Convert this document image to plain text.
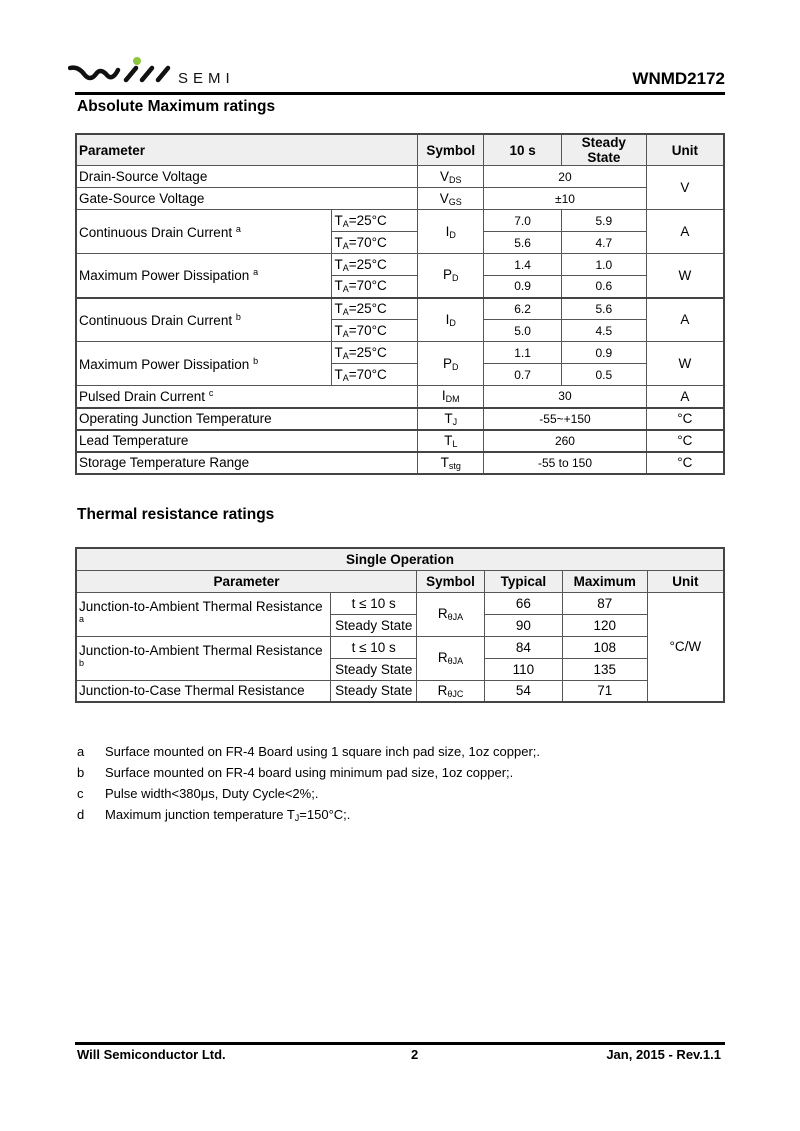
SEMI	WNMD2172
Absolute Maximum ratings
Parameter		Symbol	10 s	Steady State	Unit
Drain-Source Voltage		$V_{DS}$	20		V
Gate-Source Voltage		$V_{GS}$	±10		
Continuous Drain Current $^a$	$T_A=25^\circ C$	$I_D$	7.0	5.9	A
	$T_A=70^\circ C$		5.6	4.7	
Maximum Power Dissipation $^a$	$T_A=25^\circ C$	$P_D$	1.4	1.0	W
	$T_A=70^\circ C$		0.9	0.6	
Continuous Drain Current $^b$	$T_A=25^\circ C$	$I_D$	6.2	5.6	A
	$T_A=70^\circ C$		5.0	4.5	
Maximum Power Dissipation $^b$	$T_A=25^\circ C$	$P_D$	1.1	0.9	W
	$T_A=70^\circ C$		0.7	0.5	
Pulsed Drain Current $^c$		$I_{DM}$	30		A
Operating Junction Temperature		$T_J$	-55~+150		°C
Lead Temperature		$T_L$	260		°C
Storage Temperature Range		$T_{stg}$	-55 to 150		°C
Thermal resistance ratings
Single Operation					
Parameter		Symbol	Typical	Maximum	Unit
Junction-to-Ambient Thermal Resistance $^a$	t ≤ 10 s	$R_{\theta JA}$	66	87	°C/W
	Steady State		90	120	
Junction-to-Ambient Thermal Resistance $^b$	t ≤ 10 s	$R_{\theta JA}$	84	108	
	Steady State		110	135	
Junction-to-Case Thermal Resistance	Steady State	$R_{\theta JC}$	54	71	
a	Surface mounted on FR-4 Board using 1 square inch pad size, 1oz copper;.
b	Surface mounted on FR-4 board using minimum pad size, 1oz copper;.
c	Pulse width<380μs, Duty Cycle<2%;.
d	Maximum junction temperature $T_J=150^\circ C$;.
Will Semiconductor Ltd.	2	Jan, 2015 - Rev.1.1
